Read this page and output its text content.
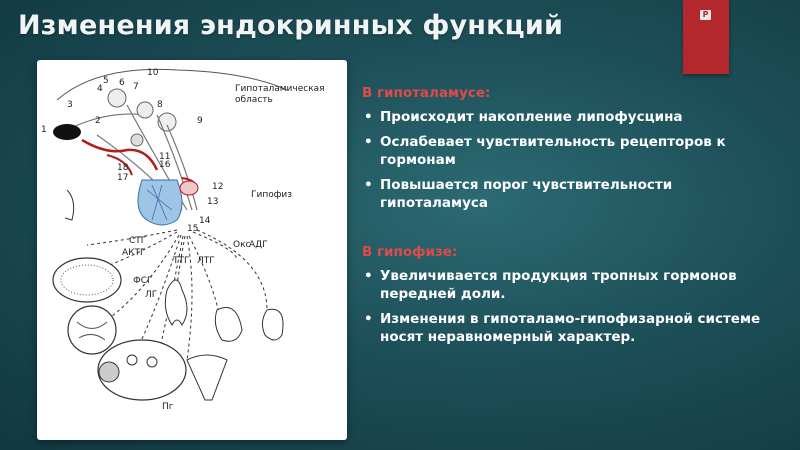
Изменения эндокринных функций	P
Гипоталамическая область
Гипофиз
1
2
3
4
5 6 7
8
9
10
11
12
13
14
15
16
17
18
АКТГ
СТГ
ТТГ ЛТГ
ФСГ
ЛГ
Окс
АДГ
Пг
В гипоталамусе:
• Происходит накопление липофусцина
• Ослабевает чувствительность рецепторов к гормонам
• Повышается порог чувствительности гипоталамуса
В гипофизе:
• Увеличивается продукция тропных гормонов передней доли.
• Изменения в гипоталамо-гипофизарной системе носят неравномерный характер.
